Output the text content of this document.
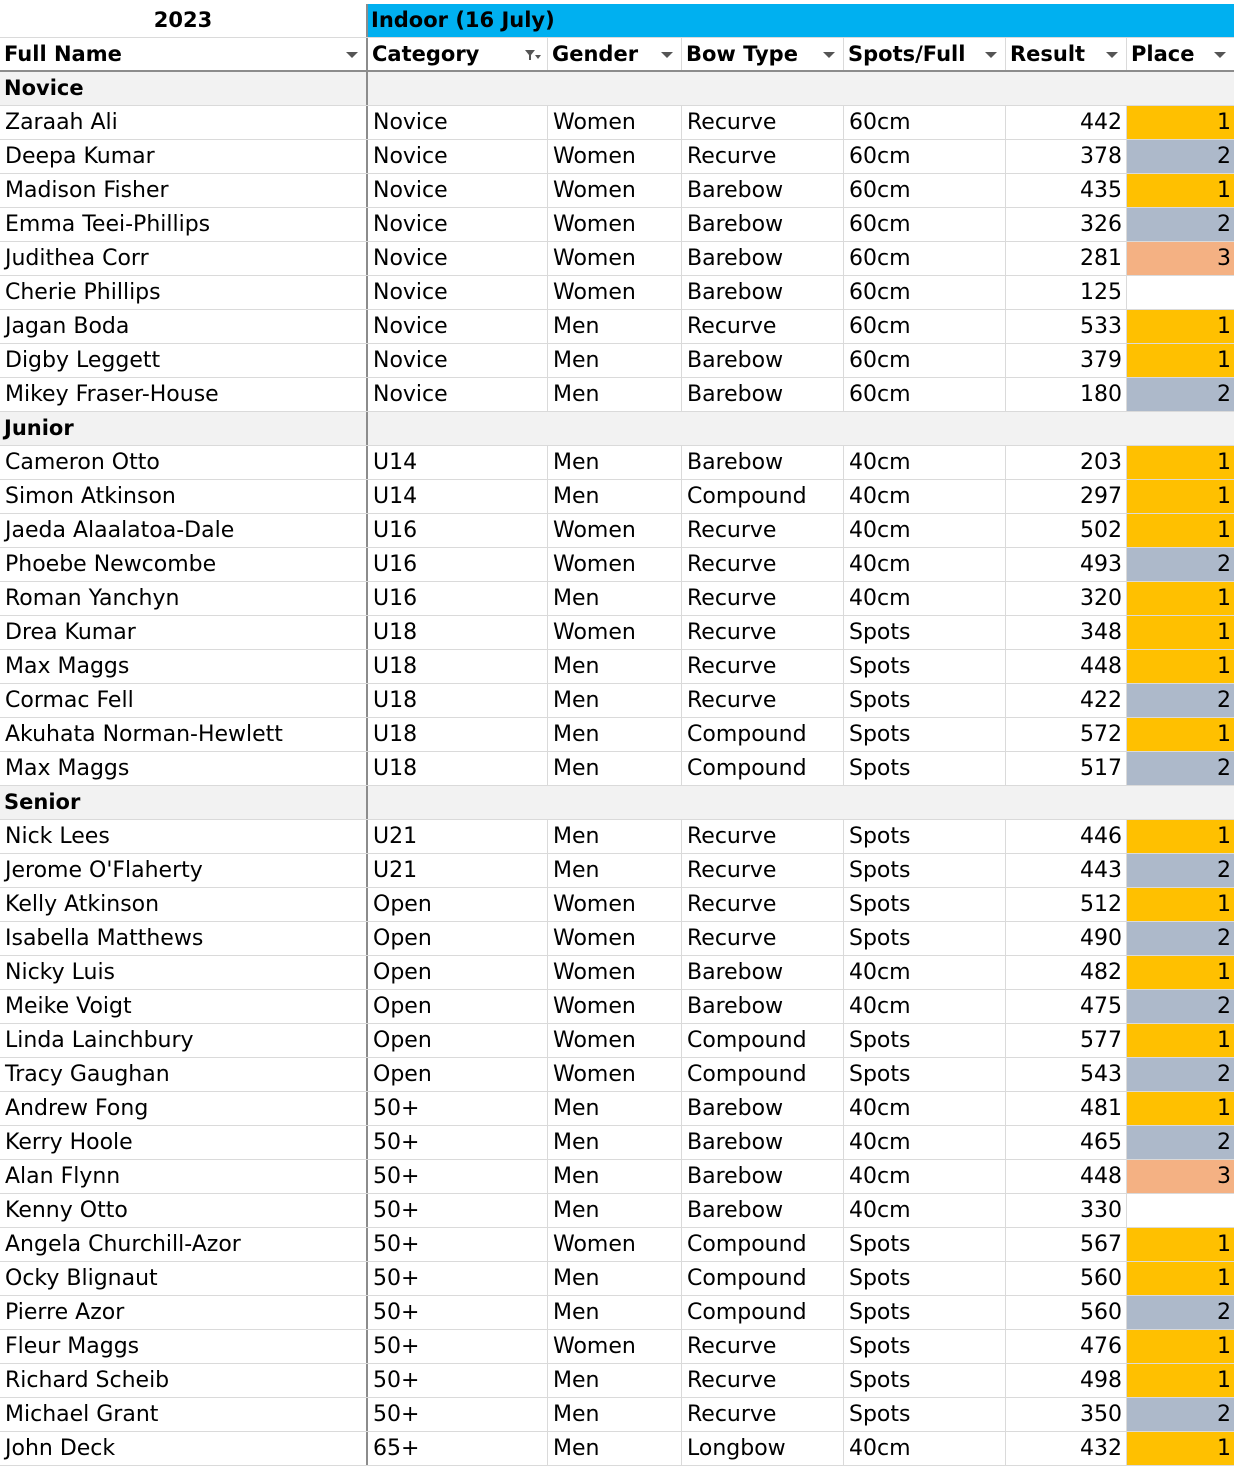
2023	Indoor (16 July)
Full Name	Category	Gender	Bow Type	Spots/Full	Result	Place
Novice
Zaraah Ali	Novice	Women	Recurve	60cm	442	1
Deepa Kumar	Novice	Women	Recurve	60cm	378	2
Madison Fisher	Novice	Women	Barebow	60cm	435	1
Emma Teei-Phillips	Novice	Women	Barebow	60cm	326	2
Judithea Corr	Novice	Women	Barebow	60cm	281	3
Cherie Phillips	Novice	Women	Barebow	60cm	125
Jagan Boda	Novice	Men	Recurve	60cm	533	1
Digby Leggett	Novice	Men	Barebow	60cm	379	1
Mikey Fraser-House	Novice	Men	Barebow	60cm	180	2
Junior
Cameron Otto	U14	Men	Barebow	40cm	203	1
Simon Atkinson	U14	Men	Compound	40cm	297	1
Jaeda Alaalatoa-Dale	U16	Women	Recurve	40cm	502	1
Phoebe Newcombe	U16	Women	Recurve	40cm	493	2
Roman Yanchyn	U16	Men	Recurve	40cm	320	1
Drea Kumar	U18	Women	Recurve	Spots	348	1
Max Maggs	U18	Men	Recurve	Spots	448	1
Cormac Fell	U18	Men	Recurve	Spots	422	2
Akuhata Norman-Hewlett	U18	Men	Compound	Spots	572	1
Max Maggs	U18	Men	Compound	Spots	517	2
Senior
Nick Lees	U21	Men	Recurve	Spots	446	1
Jerome O'Flaherty	U21	Men	Recurve	Spots	443	2
Kelly Atkinson	Open	Women	Recurve	Spots	512	1
Isabella Matthews	Open	Women	Recurve	Spots	490	2
Nicky Luis	Open	Women	Barebow	40cm	482	1
Meike Voigt	Open	Women	Barebow	40cm	475	2
Linda Lainchbury	Open	Women	Compound	Spots	577	1
Tracy Gaughan	Open	Women	Compound	Spots	543	2
Andrew Fong	50+	Men	Barebow	40cm	481	1
Kerry Hoole	50+	Men	Barebow	40cm	465	2
Alan Flynn	50+	Men	Barebow	40cm	448	3
Kenny Otto	50+	Men	Barebow	40cm	330
Angela Churchill-Azor	50+	Women	Compound	Spots	567	1
Ocky Blignaut	50+	Men	Compound	Spots	560	1
Pierre Azor	50+	Men	Compound	Spots	560	2
Fleur Maggs	50+	Women	Recurve	Spots	476	1
Richard Scheib	50+	Men	Recurve	Spots	498	1
Michael Grant	50+	Men	Recurve	Spots	350	2
John Deck	65+	Men	Longbow	40cm	432	1
